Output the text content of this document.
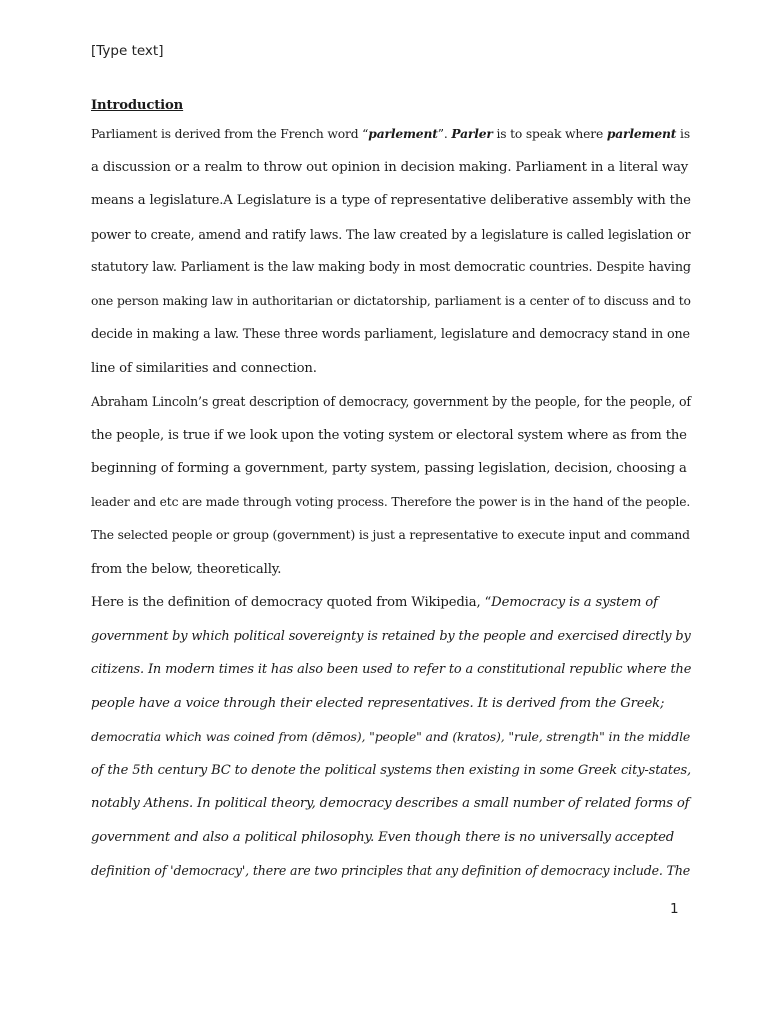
[Type text]

Introduction

Parliament is derived from the French word “parlement”. Parler is to speak where parlement is
a discussion or a realm to throw out opinion in decision making. Parliament in a literal way
means a legislature.A Legislature is a type of representative deliberative assembly with the
power to create, amend and ratify laws. The law created by a legislature is called legislation or
statutory law. Parliament is the law making body in most democratic countries. Despite having
one person making law in authoritarian or dictatorship, parliament is a center of to discuss and to
decide in making a law. These three words parliament, legislature and democracy stand in one
line of similarities and connection.

Abraham Lincoln’s great description of democracy, government by the people, for the people, of
the people, is true if we look upon the voting system or electoral system where as from the
beginning of forming a government, party system, passing legislation, decision, choosing a
leader and etc are made through voting process. Therefore the power is in the hand of the people.
The selected people or group (government) is just a representative to execute input and command
from the below, theoretically.

Here is the definition of democracy quoted from Wikipedia, “Democracy is a system of
government by which political sovereignty is retained by the people and exercised directly by
citizens. In modern times it has also been used to refer to a constitutional republic where the
people have a voice through their elected representatives. It is derived from the Greek;
democratia which was coined from (dēmos), "people" and (kratos), "rule, strength" in the middle
of the 5th century BC to denote the political systems then existing in some Greek city-states,
notably Athens. In political theory, democracy describes a small number of related forms of
government and also a political philosophy. Even though there is no universally accepted
definition of 'democracy', there are two principles that any definition of democracy include. The

1
